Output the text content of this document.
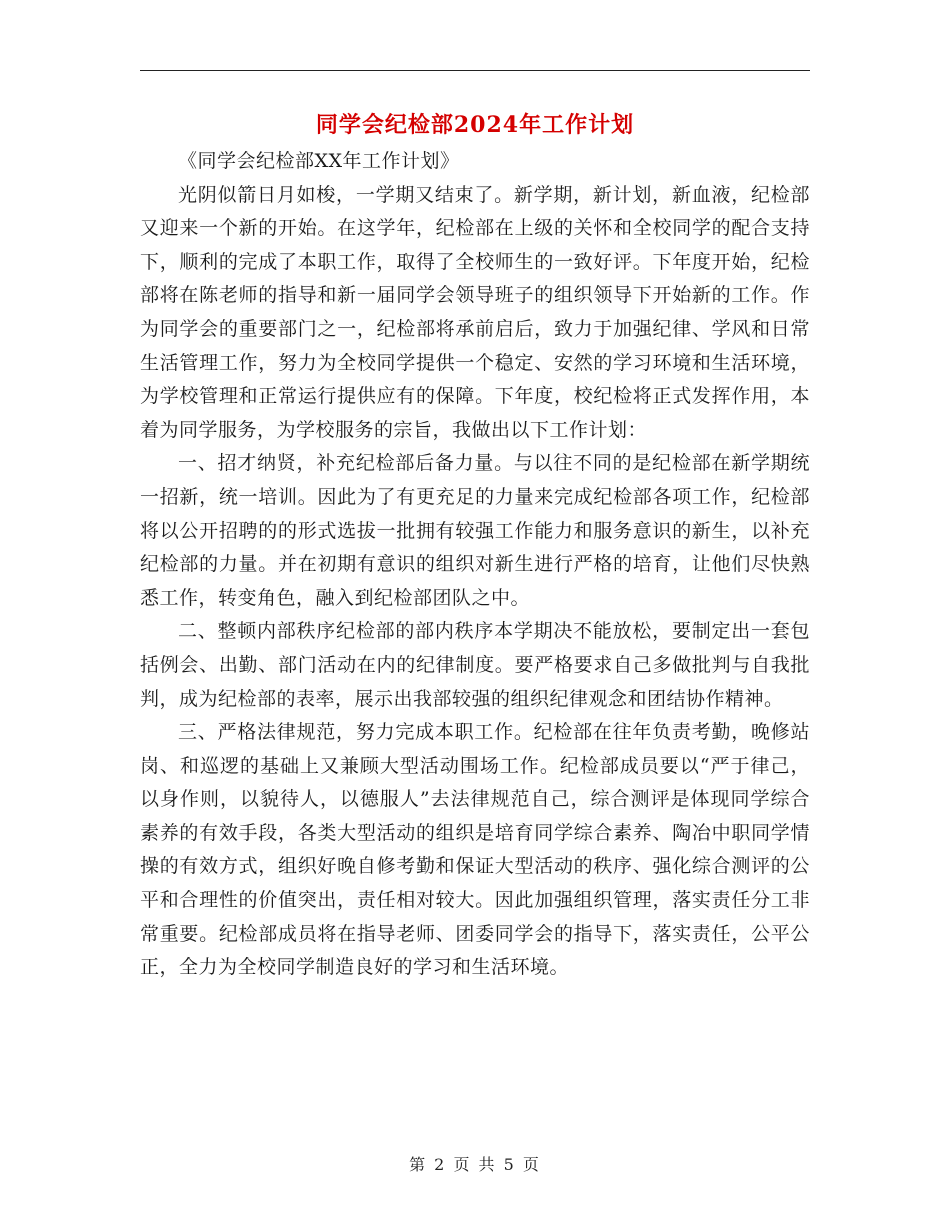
同学会纪检部2024年工作计划

《同学会纪检部XX年工作计划》

光阴似箭日月如梭，一学期又结束了。新学期，新计划，新血液，纪检部又迎来一个新的开始。在这学年，纪检部在上级的关怀和全校同学的配合支持下，顺利的完成了本职工作，取得了全校师生的一致好评。下年度开始，纪检部将在陈老师的指导和新一届同学会领导班子的组织领导下开始新的工作。作为同学会的重要部门之一，纪检部将承前启后，致力于加强纪律、学风和日常生活管理工作，努力为全校同学提供一个稳定、安然的学习环境和生活环境，为学校管理和正常运行提供应有的保障。下年度，校纪检将正式发挥作用，本着为同学服务，为学校服务的宗旨，我做出以下工作计划：

一、招才纳贤，补充纪检部后备力量。与以往不同的是纪检部在新学期统一招新，统一培训。因此为了有更充足的力量来完成纪检部各项工作，纪检部将以公开招聘的的形式选拔一批拥有较强工作能力和服务意识的新生，以补充纪检部的力量。并在初期有意识的组织对新生进行严格的培育，让他们尽快熟悉工作，转变角色，融入到纪检部团队之中。

二、整顿内部秩序纪检部的部内秩序本学期决不能放松，要制定出一套包括例会、出勤、部门活动在内的纪律制度。要严格要求自己多做批判与自我批判，成为纪检部的表率，展示出我部较强的组织纪律观念和团结协作精神。

三、严格法律规范，努力完成本职工作。纪检部在往年负责考勤，晚修站岗、和巡逻的基础上又兼顾大型活动围场工作。纪检部成员要以“严于律己，以身作则，以貌待人，以德服人”去法律规范自己，综合测评是体现同学综合素养的有效手段，各类大型活动的组织是培育同学综合素养、陶冶中职同学情操的有效方式，组织好晚自修考勤和保证大型活动的秩序、强化综合测评的公平和合理性的价值突出，责任相对较大。因此加强组织管理，落实责任分工非常重要。纪检部成员将在指导老师、团委同学会的指导下，落实责任，公平公正，全力为全校同学制造良好的学习和生活环境。

第 2 页 共 5 页
